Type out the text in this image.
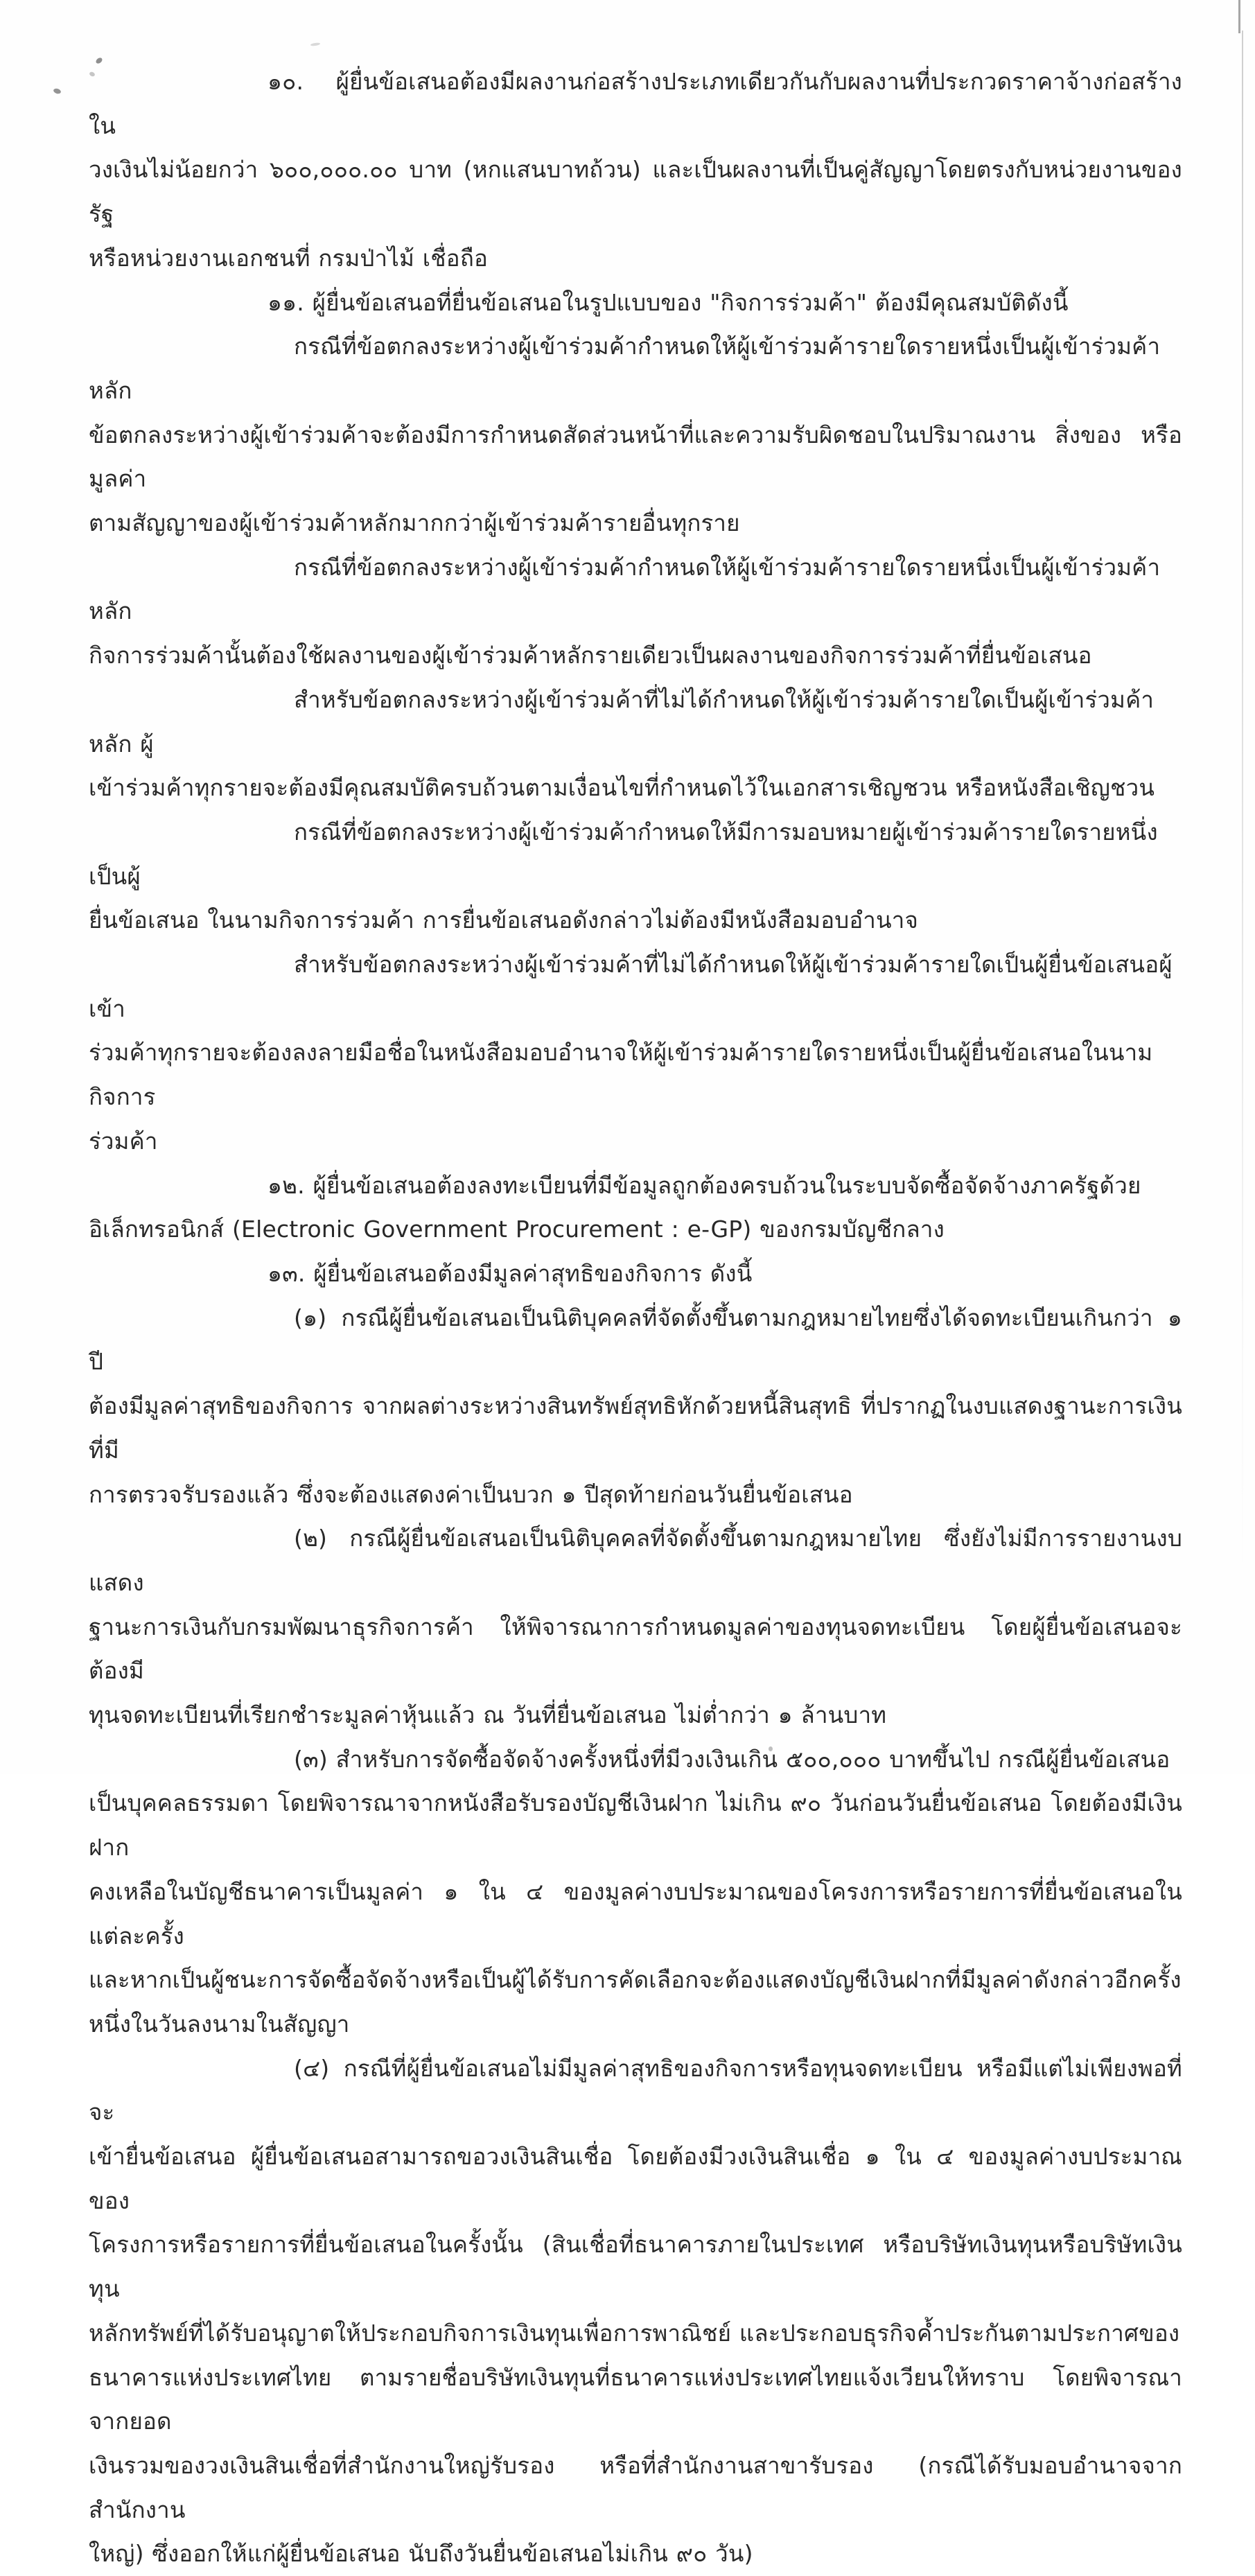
๑๐. ผู้ยื่นข้อเสนอต้องมีผลงานก่อสร้างประเภทเดียวกันกับผลงานที่ประกวดราคาจ้างก่อสร้างใน
วงเงินไม่น้อยกว่า ๖๐๐,๐๐๐.๐๐ บาท (หกแสนบาทถ้วน) และเป็นผลงานที่เป็นคู่สัญญาโดยตรงกับหน่วยงานของรัฐ
หรือหน่วยงานเอกชนที่ กรมป่าไม้ เชื่อถือ
๑๑. ผู้ยื่นข้อเสนอที่ยื่นข้อเสนอในรูปแบบของ "กิจการร่วมค้า" ต้องมีคุณสมบัติดังนี้
กรณีที่ข้อตกลงระหว่างผู้เข้าร่วมค้ากำหนดให้ผู้เข้าร่วมค้ารายใดรายหนึ่งเป็นผู้เข้าร่วมค้าหลัก
ข้อตกลงระหว่างผู้เข้าร่วมค้าจะต้องมีการกำหนดสัดส่วนหน้าที่และความรับผิดชอบในปริมาณงาน สิ่งของ หรือมูลค่า
ตามสัญญาของผู้เข้าร่วมค้าหลักมากกว่าผู้เข้าร่วมค้ารายอื่นทุกราย
กรณีที่ข้อตกลงระหว่างผู้เข้าร่วมค้ากำหนดให้ผู้เข้าร่วมค้ารายใดรายหนึ่งเป็นผู้เข้าร่วมค้าหลัก
กิจการร่วมค้านั้นต้องใช้ผลงานของผู้เข้าร่วมค้าหลักรายเดียวเป็นผลงานของกิจการร่วมค้าที่ยื่นข้อเสนอ
สำหรับข้อตกลงระหว่างผู้เข้าร่วมค้าที่ไม่ได้กำหนดให้ผู้เข้าร่วมค้ารายใดเป็นผู้เข้าร่วมค้าหลัก ผู้
เข้าร่วมค้าทุกรายจะต้องมีคุณสมบัติครบถ้วนตามเงื่อนไขที่กำหนดไว้ในเอกสารเชิญชวน หรือหนังสือเชิญชวน
กรณีที่ข้อตกลงระหว่างผู้เข้าร่วมค้ากำหนดให้มีการมอบหมายผู้เข้าร่วมค้ารายใดรายหนึ่งเป็นผู้
ยื่นข้อเสนอ ในนามกิจการร่วมค้า การยื่นข้อเสนอดังกล่าวไม่ต้องมีหนังสือมอบอำนาจ
สำหรับข้อตกลงระหว่างผู้เข้าร่วมค้าที่ไม่ได้กำหนดให้ผู้เข้าร่วมค้ารายใดเป็นผู้ยื่นข้อเสนอผู้เข้า
ร่วมค้าทุกรายจะต้องลงลายมือชื่อในหนังสือมอบอำนาจให้ผู้เข้าร่วมค้ารายใดรายหนึ่งเป็นผู้ยื่นข้อเสนอในนามกิจการ
ร่วมค้า
๑๒. ผู้ยื่นข้อเสนอต้องลงทะเบียนที่มีข้อมูลถูกต้องครบถ้วนในระบบจัดซื้อจัดจ้างภาครัฐด้วย
อิเล็กทรอนิกส์ (Electronic Government Procurement : e-GP) ของกรมบัญชีกลาง
๑๓. ผู้ยื่นข้อเสนอต้องมีมูลค่าสุทธิของกิจการ ดังนี้
(๑) กรณีผู้ยื่นข้อเสนอเป็นนิติบุคคลที่จัดตั้งขึ้นตามกฎหมายไทยซึ่งได้จดทะเบียนเกินกว่า ๑ ปี
ต้องมีมูลค่าสุทธิของกิจการ จากผลต่างระหว่างสินทรัพย์สุทธิหักด้วยหนี้สินสุทธิ ที่ปรากฏในงบแสดงฐานะการเงินที่มี
การตรวจรับรองแล้ว ซึ่งจะต้องแสดงค่าเป็นบวก ๑ ปีสุดท้ายก่อนวันยื่นข้อเสนอ
(๒) กรณีผู้ยื่นข้อเสนอเป็นนิติบุคคลที่จัดตั้งขึ้นตามกฎหมายไทย ซึ่งยังไม่มีการรายงานงบแสดง
ฐานะการเงินกับกรมพัฒนาธุรกิจการค้า ให้พิจารณาการกำหนดมูลค่าของทุนจดทะเบียน โดยผู้ยื่นข้อเสนอจะต้องมี
ทุนจดทะเบียนที่เรียกชำระมูลค่าหุ้นแล้ว ณ วันที่ยื่นข้อเสนอ ไม่ต่ำกว่า ๑ ล้านบาท
(๓) สำหรับการจัดซื้อจัดจ้างครั้งหนึ่งที่มีวงเงินเกิน ๕๐๐,๐๐๐ บาทขึ้นไป กรณีผู้ยื่นข้อเสนอ
เป็นบุคคลธรรมดา โดยพิจารณาจากหนังสือรับรองบัญชีเงินฝาก ไม่เกิน ๙๐ วันก่อนวันยื่นข้อเสนอ โดยต้องมีเงินฝาก
คงเหลือในบัญชีธนาคารเป็นมูลค่า ๑ ใน ๔ ของมูลค่างบประมาณของโครงการหรือรายการที่ยื่นข้อเสนอในแต่ละครั้ง
และหากเป็นผู้ชนะการจัดซื้อจัดจ้างหรือเป็นผู้ได้รับการคัดเลือกจะต้องแสดงบัญชีเงินฝากที่มีมูลค่าดังกล่าวอีกครั้ง
หนึ่งในวันลงนามในสัญญา
(๔) กรณีที่ผู้ยื่นข้อเสนอไม่มีมูลค่าสุทธิของกิจการหรือทุนจดทะเบียน หรือมีแต่ไม่เพียงพอที่จะ
เข้ายื่นข้อเสนอ ผู้ยื่นข้อเสนอสามารถขอวงเงินสินเชื่อ โดยต้องมีวงเงินสินเชื่อ ๑ ใน ๔ ของมูลค่างบประมาณของ
โครงการหรือรายการที่ยื่นข้อเสนอในครั้งนั้น (สินเชื่อที่ธนาคารภายในประเทศ หรือบริษัทเงินทุนหรือบริษัทเงินทุน
หลักทรัพย์ที่ได้รับอนุญาตให้ประกอบกิจการเงินทุนเพื่อการพาณิชย์ และประกอบธุรกิจค้ำประกันตามประกาศของ
ธนาคารแห่งประเทศไทย ตามรายชื่อบริษัทเงินทุนที่ธนาคารแห่งประเทศไทยแจ้งเวียนให้ทราบ โดยพิจารณาจากยอด
เงินรวมของวงเงินสินเชื่อที่สำนักงานใหญ่รับรอง หรือที่สำนักงานสาขารับรอง (กรณีได้รับมอบอำนาจจากสำนักงาน
ใหญ่) ซึ่งออกให้แก่ผู้ยื่นข้อเสนอ นับถึงวันยื่นข้อเสนอไม่เกิน ๙๐ วัน)
